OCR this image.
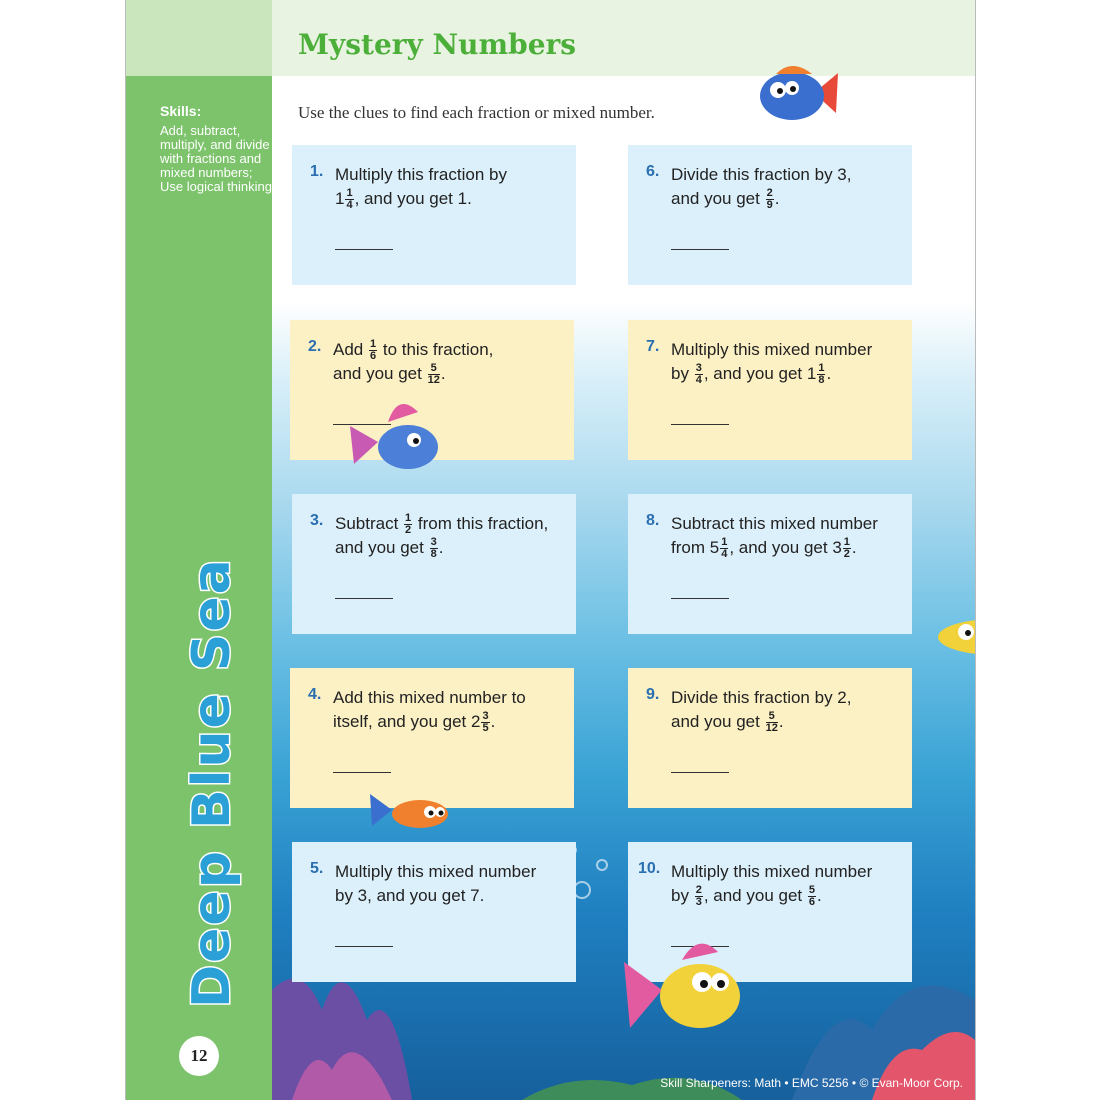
Skills:
Add, subtract, multiply, and divide with fractions and mixed numbers; Use logical thinking
Deep Blue Sea
12
Mystery Numbers
Use the clues to find each fraction or mixed number.
1. Multiply this fraction by
$1 \frac{1}{4}$ , and you get 1.
2. Add $\frac{1}{6}$ to this fraction,
and you get $\frac{5}{12}$ .
3. Subtract $\frac{1}{2}$ from this fraction,
and you get $\frac{3}{8}$ .
4. Add this mixed number to
itself, and you get $2 \frac{3}{5}$ .
5. Multiply this mixed number
by 3, and you get 7.
6. Divide this fraction by 3,
and you get $\frac{2}{9}$ .
7. Multiply this mixed number
by $\frac{3}{4}$ , and you get $1 \frac{1}{8}$ .
8. Subtract this mixed number
from $5 \frac{1}{4}$ , and you get $3 \frac{1}{2}$ .
9. Divide this fraction by 2,
and you get $\frac{5}{12}$ .
10. Multiply this mixed number
by $\frac{2}{3}$ , and you get $\frac{5}{6}$ .
Skill Sharpeners: Math • EMC 5256 • © Evan-Moor Corp.
